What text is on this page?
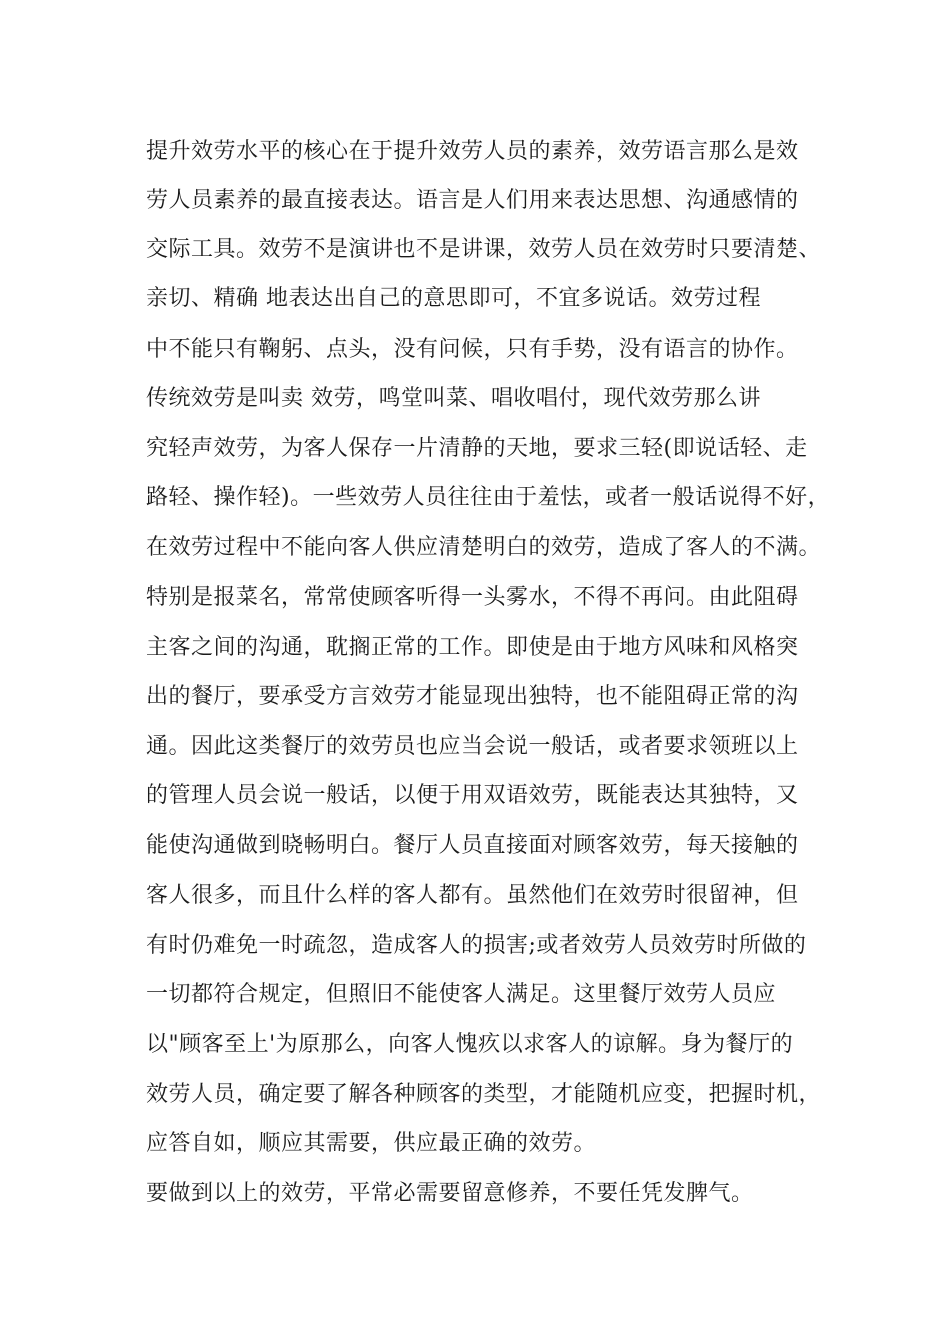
提升效劳水平的核心在于提升效劳人员的素养，效劳语言那么是效
劳人员素养的最直接表达。语言是人们用来表达思想、沟通感情的
交际工具。效劳不是演讲也不是讲课，效劳人员在效劳时只要清楚、
亲切、精确 地表达出自己的意思即可，不宜多说话。效劳过程
中不能只有鞠躬、点头，没有问候，只有手势，没有语言的协作。
传统效劳是叫卖 效劳，鸣堂叫菜、唱收唱付，现代效劳那么讲
究轻声效劳，为客人保存一片清静的天地，要求三轻(即说话轻、走
路轻、操作轻)。一些效劳人员往往由于羞怯，或者一般话说得不好，
在效劳过程中不能向客人供应清楚明白的效劳，造成了客人的不满。
特别是报菜名，常常使顾客听得一头雾水，不得不再问。由此阻碍
主客之间的沟通，耽搁正常的工作。即使是由于地方风味和风格突
出的餐厅，要承受方言效劳才能显现出独特，也不能阻碍正常的沟
通。因此这类餐厅的效劳员也应当会说一般话，或者要求领班以上
的管理人员会说一般话，以便于用双语效劳，既能表达其独特，又
能使沟通做到晓畅明白。餐厅人员直接面对顾客效劳，每天接触的
客人很多，而且什么样的客人都有。虽然他们在效劳时很留神，但
有时仍难免一时疏忽，造成客人的损害;或者效劳人员效劳时所做的
一切都符合规定，但照旧不能使客人满足。这里餐厅效劳人员应
以"顾客至上'为原那么，向客人愧疚以求客人的谅解。身为餐厅的
效劳人员，确定要了解各种顾客的类型，才能随机应变，把握时机，
应答自如，顺应其需要，供应最正确的效劳。
要做到以上的效劳，平常必需要留意修养，不要任凭发脾气。
